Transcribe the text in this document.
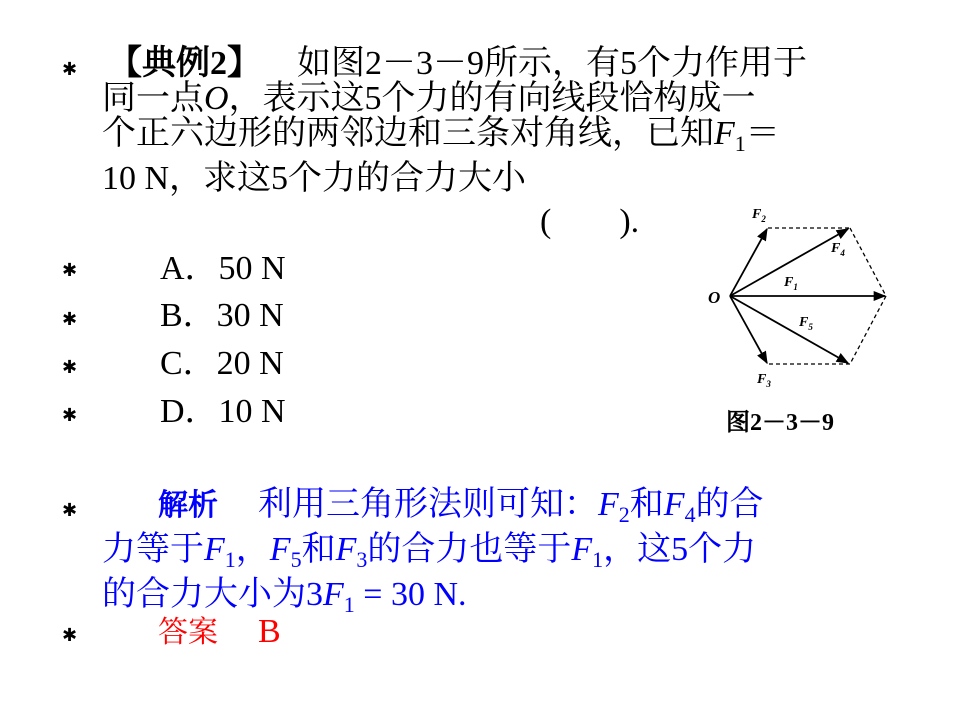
✱
✱
✱
✱
✱
✱
✱
【典例2】 如图2－3－9所示，有5个力作用于
同一点O，表示这5个力的有向线段恰构成一
个正六边形的两邻边和三条对角线，已知$F_1=$
10 N，求这5个力的合力大小
(        ).
A．50 N
B．30 N
C．20 N
D．10 N
O
$F_2$
$F_4$
$F_1$
$F_5$
$F_3$
图2－3－9
解析 利用三角形法则可知：$F_2$和$F_4$的合
力等于$F_1$，$F_5$和$F_3$的合力也等于$F_1$，这5个力
的合力大小为$3F_1 = 30$ N.
答案 B
